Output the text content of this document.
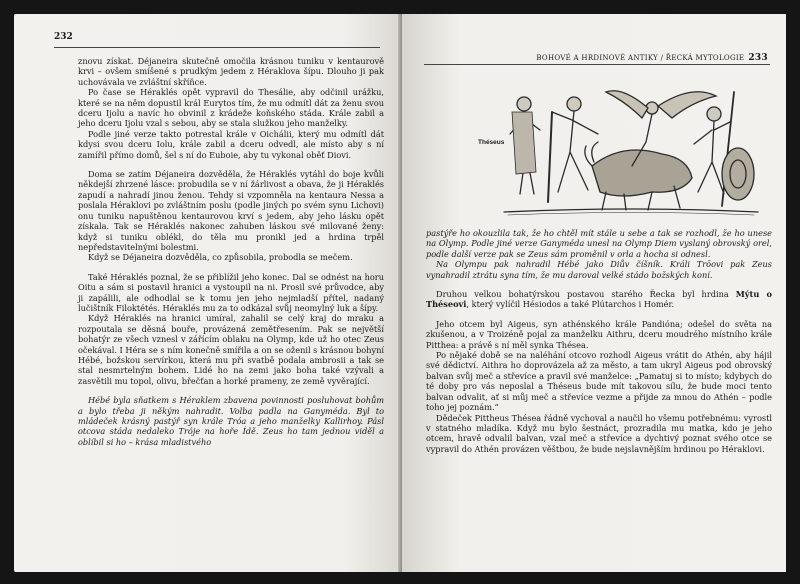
232

znovu získat. Déjaneira skutečně omočila krásnou tuniku v kentaurově krvi – ovšem smíšené s prudkým jedem z Héraklova šípu. Dlouho ji pak uchovávala ve zvláštní skříňce.

Po čase se Héraklés opět vypravil do Thesálie, aby odčinil urážku, které se na něm dopustil král Eurytos tím, že mu odmítl dát za ženu svou dceru Ijolu a navíc ho obvinil z krádeže koňského stáda. Krále zabil a jeho dceru Ijolu vzal s sebou, aby se stala služkou jeho manželky.

Podle jiné verze takto potrestal krále v Oichálii, který mu odmítl dát kdysi svou dceru Iolu, krále zabil a dceru odvedl, ale místo aby s ní zamířil přímo domů, šel s ní do Euboie, aby tu vykonal oběť Diovi.

Doma se zatím Déjaneira dozvěděla, že Héraklés vytáhl do boje kvůli někdejší zhrzené lásce: probudila se v ní žárlivost a obava, že ji Héraklés zapudí a nahradí jinou ženou. Tehdy si vzpomněla na kentaura Nessa a poslala Héraklovi po zvláštním poslu (podle jiných po svém synu Lichovi) onu tuniku napuštěnou kentaurovou krví s jedem, aby jeho lásku opět získala. Tak se Héraklés nakonec zahuben láskou své milované ženy: když si tuniku oblékl, do těla mu pronikl jed a hrdina trpěl nepředstavitelnými bolestmi.

Když se Déjaneira dozvěděla, co způsobila, probodla se mečem.

Také Héraklés poznal, že se přiblížil jeho konec. Dal se odnést na horu Oitu a sám si postavil hranici a vystoupil na ni. Prosil své průvodce, aby ji zapálili, ale odhodlal se k tomu jen jeho nejmladší přítel, nadaný lučištník Filoktétés. Héraklés mu za to odkázal svůj neomylný luk a šípy.

Když Héraklés na hranici umíral, zahalil se celý kraj do mraku a rozpoutala se děsná bouře, provázená zemětřesením. Pak se největší bohatýr ze všech vznesl v zářícím oblaku na Olymp, kde už ho otec Zeus očekával. I Héra se s ním konečně smířila a on se oženil s krásnou bohyní Hébé, božskou servírkou, která mu při svatbě podala ambrosii a tak se stal nesmrtelným bohem. Lidé ho na zemi jako boha také vzývali a zasvětili mu topol, olivu, břečťan a horké prameny, ze země vyvěrající.

Hébé byla sňatkem s Héraklem zbavena povinnosti posluhovat bohům a bylo třeba ji někým nahradit. Volba padla na Ganyméda. Byl to mládeček krásný pastýř syn krále Tróa a jeho manželky Kallirhoy. Pásl otcova stáda nedaleko Tróje na hoře Ídě. Zeus ho tam jednou viděl a oblíbil si ho – krása mladistvého

BOHOVÉ A HRDINOVÉ ANTIKY / ŘECKÁ MYTOLOGIE 233
Théseus

pastýře ho okouzlila tak, že ho chtěl mít stále u sebe a tak se rozhodl, že ho unese na Olymp. Podle jiné verze Ganyméda unesl na Olymp Diem vyslaný obrovský orel, podle další verze pak se Zeus sám proměnil v orla a hocha si odnesl.

Na Olympu pak nahradil Hébé jako Diův číšník. Králi Trōovi pak Zeus vynahradil ztrátu syna tím, že mu daroval velké stádo božských koní.

Druhou velkou bohatýrskou postavou starého Řecka byl hrdina Mýtu o Théseovi, který vylíčil Hésiodos a také Plútarchos i Homér.

Jeho otcem byl Aigeus, syn athénského krále Pandióna; odešel do světa na zkušenou, a v Troizéně pojal za manželku Aithru, dceru moudrého místního krále Pitthea: a právě s ní měl synka Thésea.

Po nějaké době se na naléhání otcovo rozhodl Aigeus vrátit do Athén, aby hájil své dědictví. Aithra ho doprovázela až za město, a tam ukryl Aigeus pod obrovský balvan svůj meč a střevíce a pravil své manželce: „Pamatuj si to místo; kdybych do té doby pro vás neposlal a Théseus bude mít takovou sílu, že bude moci tento balvan odvalit, ať si můj meč a střevíce vezme a přijde za mnou do Athén – podle toho jej poznám.“

Dědeček Pittheus Thésea řádně vychoval a naučil ho všemu potřebnému: vyrostl v statného mladíka. Když mu bylo šestnáct, prozradila mu matka, kdo je jeho otcem, hravě odvalil balvan, vzal meč a střevíce a dychtivý poznat svého otce se vypravil do Athén provázen věštbou, že bude nejslavnějším hrdinou po Héraklovi.
